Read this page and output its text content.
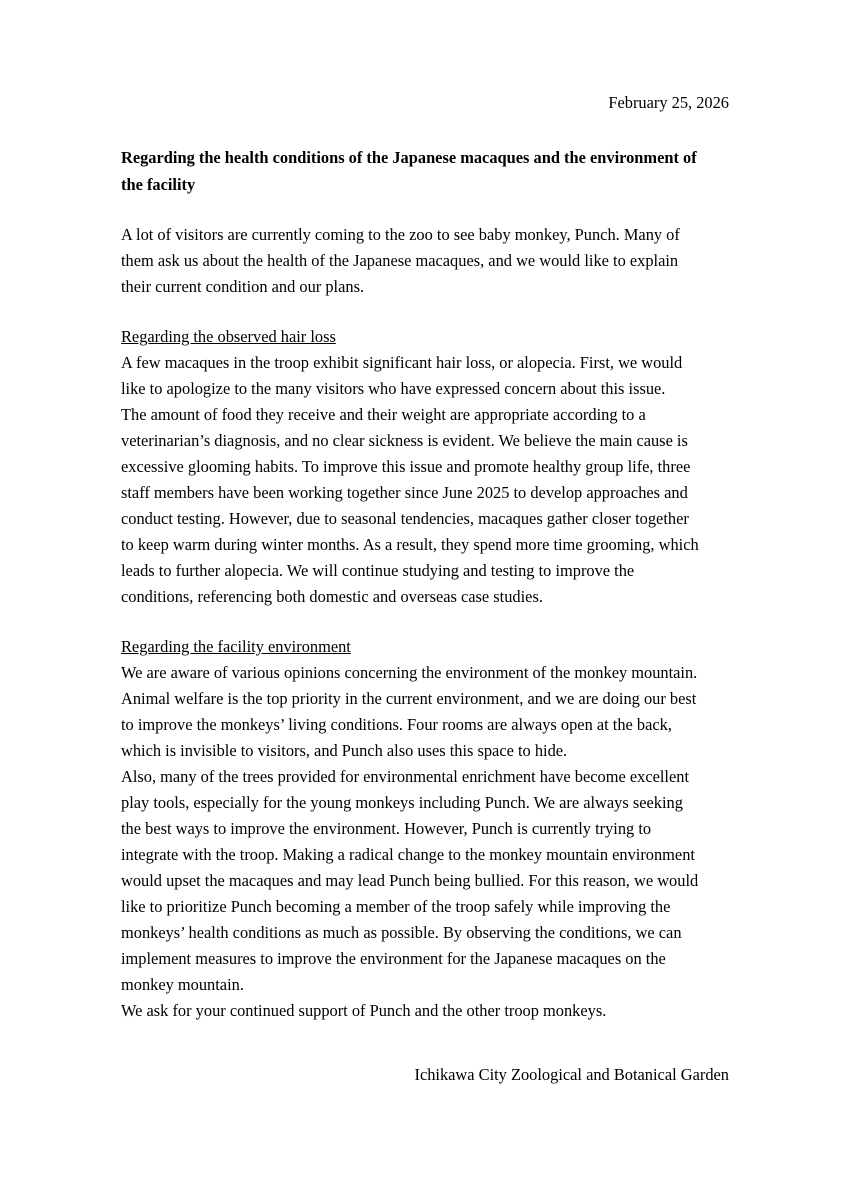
February 25, 2026

Regarding the health conditions of the Japanese macaques and the environment of
the facility

A lot of visitors are currently coming to the zoo to see baby monkey, Punch. Many of
them ask us about the health of the Japanese macaques, and we would like to explain
their current condition and our plans.

Regarding the observed hair loss

A few macaques in the troop exhibit significant hair loss, or alopecia. First, we would
like to apologize to the many visitors who have expressed concern about this issue.
The amount of food they receive and their weight are appropriate according to a
veterinarian’s diagnosis, and no clear sickness is evident. We believe the main cause is
excessive glooming habits. To improve this issue and promote healthy group life, three
staff members have been working together since June 2025 to develop approaches and
conduct testing. However, due to seasonal tendencies, macaques gather closer together
to keep warm during winter months. As a result, they spend more time grooming, which
leads to further alopecia. We will continue studying and testing to improve the
conditions, referencing both domestic and overseas case studies.

Regarding the facility environment

We are aware of various opinions concerning the environment of the monkey mountain.
Animal welfare is the top priority in the current environment, and we are doing our best
to improve the monkeys’ living conditions. Four rooms are always open at the back,
which is invisible to visitors, and Punch also uses this space to hide.
Also, many of the trees provided for environmental enrichment have become excellent
play tools, especially for the young monkeys including Punch. We are always seeking
the best ways to improve the environment. However, Punch is currently trying to
integrate with the troop. Making a radical change to the monkey mountain environment
would upset the macaques and may lead Punch being bullied. For this reason, we would
like to prioritize Punch becoming a member of the troop safely while improving the
monkeys’ health conditions as much as possible. By observing the conditions, we can
implement measures to improve the environment for the Japanese macaques on the
monkey mountain.
We ask for your continued support of Punch and the other troop monkeys.

Ichikawa City Zoological and Botanical Garden
